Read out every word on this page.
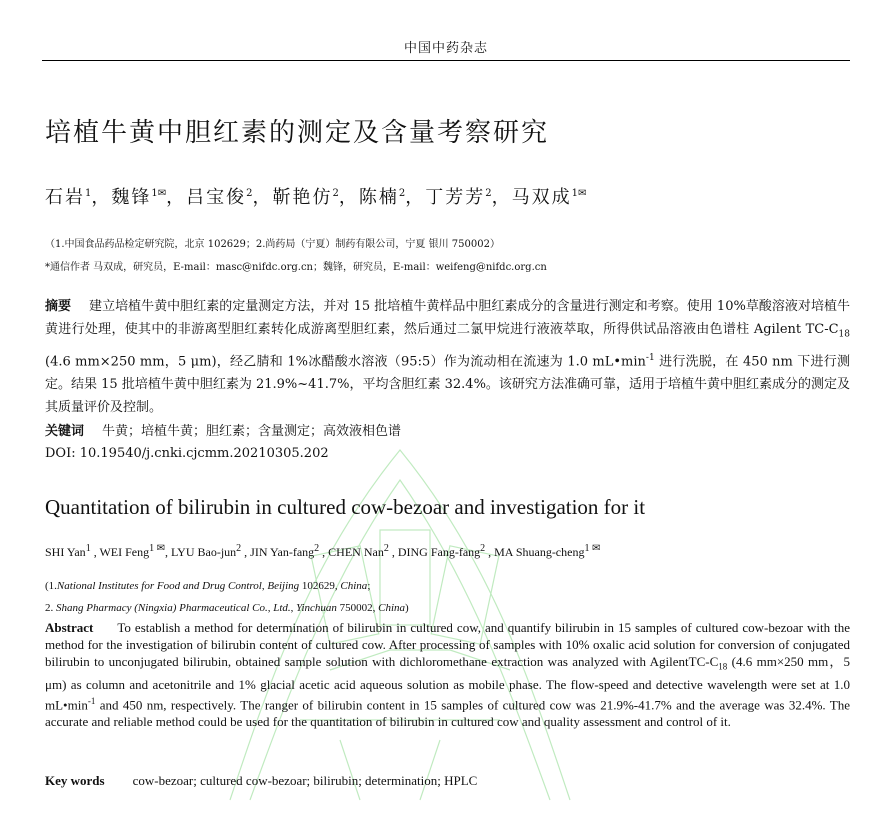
中国中药杂志
培植牛黄中胆红素的测定及含量考察研究
石岩$^1$，魏锋$^{1✉}$，吕宝俊$^2$，靳艳仿$^2$，陈楠$^2$，丁芳芳$^2$，马双成$^{1✉}$
（1.中国食品药品检定研究院，北京 102629；2.尚药局（宁夏）制药有限公司，宁夏 银川 750002）
*通信作者 马双成，研究员，E-mail：masc@nifdc.org.cn；魏锋，研究员，E-mail：weifeng@nifdc.org.cn
摘要 建立培植牛黄中胆红素的定量测定方法，并对 15 批培植牛黄样品中胆红素成分的含量进行测定和考察。使用 10%草酸溶液对培植牛黄进行处理，使其中的非游离型胆红素转化成游离型胆红素，然后通过二氯甲烷进行液液萃取，所得供试品溶液由色谱柱 Agilent $TC-C_{18}$ (4.6 mm×250 mm，5 μm)，经乙腈和 1%冰醋酸水溶液（95:5）作为流动相在流速为 1.0 $mL•\min^{-1}$ 进行洗脱，在 450 nm 下进行测定。结果 15 批培植牛黄中胆红素为 21.9%~41.7%，平均含胆红素 32.4%。该研究方法准确可靠，适用于培植牛黄中胆红素成分的测定及其质量评价及控制。
关键词 牛黄；培植牛黄；胆红素；含量测定；高效液相色谱
DOI: 10.19540/j.cnki.cjcmm.20210305.202
Quantitation of bilirubin in cultured cow-bezoar and investigation for it
SHI Yan$^1$ , WEI Feng$^{1 ✉}$, LYU Bao-jun$^2$ , JIN Yan-fang$^2$ , CHEN Nan$^2$ , DING Fang-fang$^2$ , MA Shuang-cheng$^{1 ✉}$
(1.National Institutes for Food and Drug Control, Beijing 102629, China;
2. Shang Pharmacy (Ningxia) Pharmaceutical Co., Ltd., Yinchuan 750002, China)
Abstract To establish a method for determination of bilirubin in cultured cow, and quantify bilirubin in 15 samples of cultured cow-bezoar with the method for the investigation of bilirubin content of cultured cow. After processing of samples with 10% oxalic acid solution for conversion of conjugated bilirubin to unconjugated bilirubin, obtained sample solution with dichloromethane extraction was analyzed with AgilentTC-$C_{18}$ (4.6 mm×250 mm，5 μm) as column and acetonitrile and 1% glacial acetic acid aqueous solution as mobile phase. The flow-speed and detective wavelength were set at 1.0 $mL•\min^{-1}$ and 450 nm, respectively. The ranger of bilirubin content in 15 samples of cultured cow was 21.9%-41.7% and the average was 32.4%. The accurate and reliable method could be used for the quantitation of bilirubin in cultured cow and quality assessment and control of it.
Key words cow-bezoar; cultured cow-bezoar; bilirubin; determination; HPLC
